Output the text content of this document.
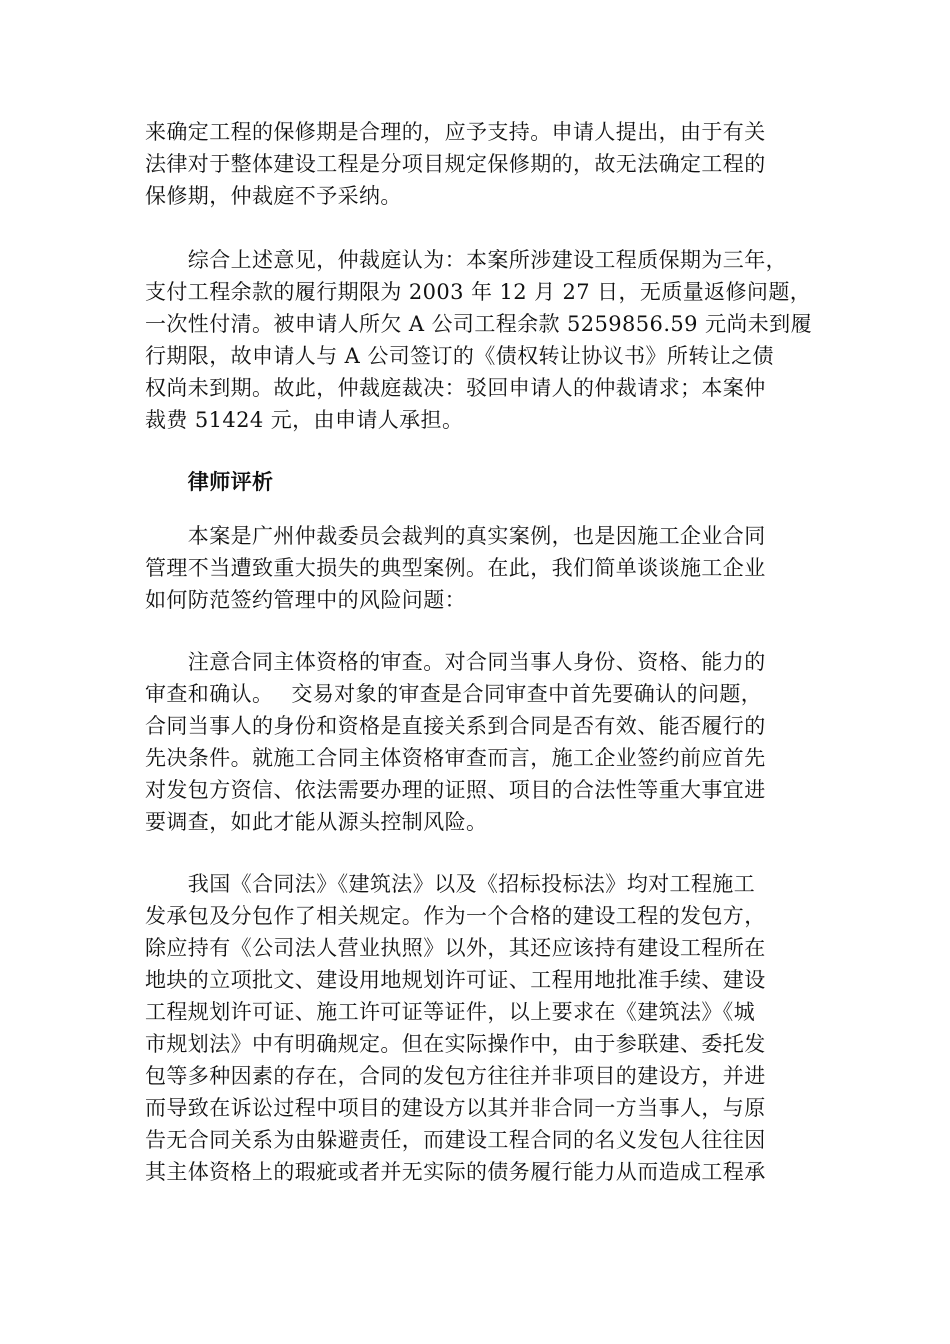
来确定工程的保修期是合理的，应予支持。申请人提出，由于有关
法律对于整体建设工程是分项目规定保修期的，故无法确定工程的
保修期，仲裁庭不予采纳。
　　综合上述意见，仲裁庭认为：本案所涉建设工程质保期为三年，
支付工程余款的履行期限为 2003 年 12 月 27 日，无质量返修问题，
一次性付清。被申请人所欠 A 公司工程余款 5259856.59 元尚未到履
行期限，故申请人与 A 公司签订的《债权转让协议书》所转让之债
权尚未到期。故此，仲裁庭裁决：驳回申请人的仲裁请求；本案仲
裁费 51424 元，由申请人承担。
　　律师评析
　　本案是广州仲裁委员会裁判的真实案例，也是因施工企业合同
管理不当遭致重大损失的典型案例。在此，我们简单谈谈施工企业
如何防范签约管理中的风险问题：
　　注意合同主体资格的审查。对合同当事人身份、资格、能力的
审查和确认。　 交易对象的审查是合同审查中首先要确认的问题，
合同当事人的身份和资格是直接关系到合同是否有效、能否履行的
先决条件。就施工合同主体资格审查而言，施工企业签约前应首先
对发包方资信、依法需要办理的证照、项目的合法性等重大事宜进
要调查，如此才能从源头控制风险。
　　我国《合同法》《建筑法》以及《招标投标法》均对工程施工
发承包及分包作了相关规定。作为一个合格的建设工程的发包方，
除应持有《公司法人营业执照》以外，其还应该持有建设工程所在
地块的立项批文、建设用地规划许可证、工程用地批准手续、建设
工程规划许可证、施工许可证等证件，以上要求在《建筑法》《城
市规划法》中有明确规定。但在实际操作中，由于参联建、委托发
包等多种因素的存在，合同的发包方往往并非项目的建设方，并进
而导致在诉讼过程中项目的建设方以其并非合同一方当事人，与原
告无合同关系为由躲避责任，而建设工程合同的名义发包人往往因
其主体资格上的瑕疵或者并无实际的债务履行能力从而造成工程承
